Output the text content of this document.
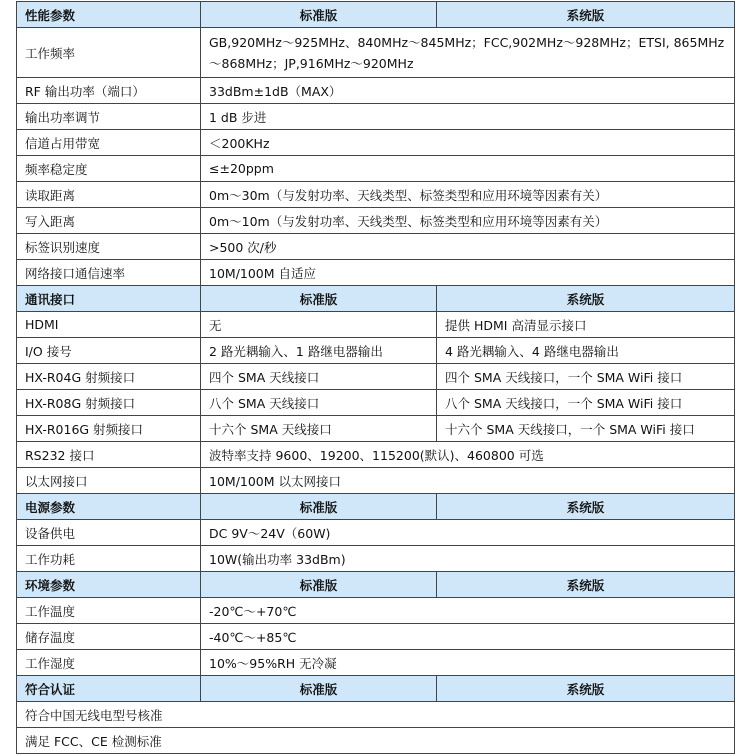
性能参数	标准版	系统版
工作频率	GB,920MHz～925MHz、840MHz～845MHz；FCC,902MHz～928MHz；ETSI, 865MHz～868MHz；JP,916MHz～920MHz	
RF 输出功率（端口）	33dBm±1dB（MAX）	
输出功率调节	1 dB 步进	
信道占用带宽	＜200KHz	
频率稳定度	≤±20ppm	
读取距离	0m～30m（与发射功率、天线类型、标签类型和应用环境等因素有关）	
写入距离	0m～10m（与发射功率、天线类型、标签类型和应用环境等因素有关）	
标签识别速度	>500 次/秒	
网络接口通信速率	10M/100M 自适应	
通讯接口	标准版	系统版
HDMI	无	提供 HDMI 高清显示接口
I/O 接号	2 路光耦输入、1 路继电器输出	4 路光耦输入、4 路继电器输出
HX-R04G 射频接口	四个 SMA 天线接口	四个 SMA 天线接口，一个 SMA WiFi 接口
HX-R08G 射频接口	八个 SMA 天线接口	八个 SMA 天线接口，一个 SMA WiFi 接口
HX-R016G 射频接口	十六个 SMA 天线接口	十六个 SMA 天线接口，一个 SMA WiFi 接口
RS232 接口	波特率支持 9600、19200、115200(默认)、460800 可选	
以太网接口	10M/100M 以太网接口	
电源参数	标准版	系统版
设备供电	DC 9V～24V（60W)	
工作功耗	10W(输出功率 33dBm)	
环境参数	标准版	系统版
工作温度	-20℃～+70℃	
储存温度	-40℃～+85℃	
工作湿度	10%～95%RH 无冷凝	
符合认证	标准版	系统版
符合中国无线电型号核准		
满足 FCC、CE 检测标准		
